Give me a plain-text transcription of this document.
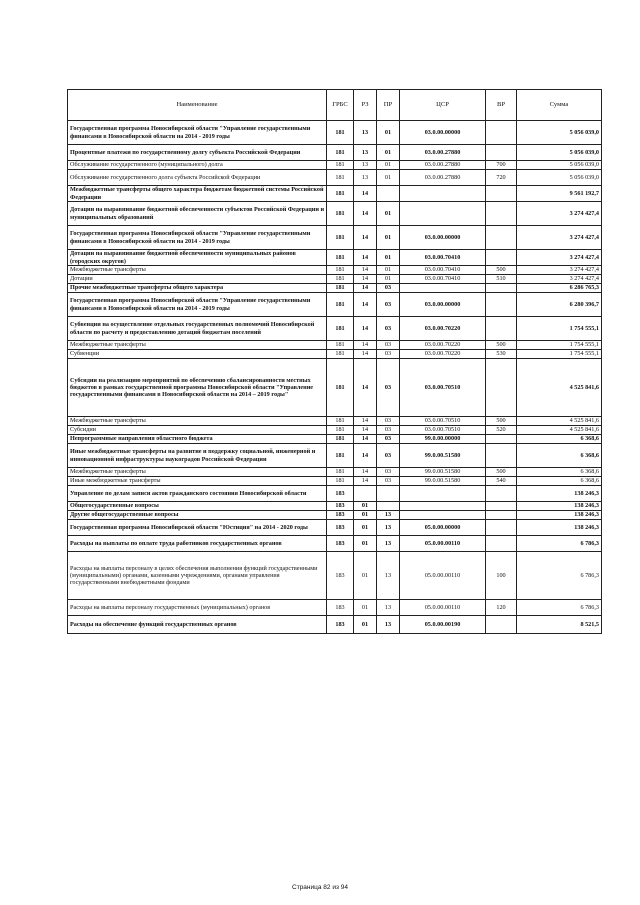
Наименование	ГРБС	РЗ	ПР	ЦСР	ВР	Сумма
Государственная программа Новосибирской области "Управление государственными финансами в Новосибирской области на 2014 - 2019 годы	181	13	01	03.0.00.00000		5 056 039,0
Процентные платежи по государственному долгу субъекта Российской Федерации	181	13	01	03.0.00.27880		5 056 039,0
Обслуживание государственного (муниципального) долга	181	13	01	03.0.00.27880	700	5 056 039,0
Обслуживание государственного долга субъекта Российской Федерации	181	13	01	03.0.00.27880	720	5 056 039,0
Межбюджетные трансферты общего характера бюджетам бюджетной системы Российской Федерации	181	14				9 561 192,7
Дотации на выравнивание бюджетной обеспеченности субъектов Российской Федерации и муниципальных образований	181	14	01			3 274 427,4
Государственная программа Новосибирской области "Управление государственными финансами в Новосибирской области на 2014 - 2019 годы	181	14	01	03.0.00.00000		3 274 427,4
Дотации на выравнивание бюджетной обеспеченности муниципальных районов (городских округов)	181	14	01	03.0.00.70410		3 274 427,4
Межбюджетные трансферты	181	14	01	03.0.00.70410	500	3 274 427,4
Дотации	181	14	01	03.0.00.70410	510	3 274 427,4
Прочие межбюджетные трансферты общего характера	181	14	03			6 286 765,3
Государственная программа Новосибирской области "Управление государственными финансами в Новосибирской области на 2014 - 2019 годы	181	14	03	03.0.00.00000		6 280 396,7
Субвенции на осуществление отдельных государственных полномочий Новосибирской области по расчету и предоставлению дотаций бюджетам поселений	181	14	03	03.0.00.70220		1 754 555,1
Межбюджетные трансферты	181	14	03	03.0.00.70220	500	1 754 555,1
Субвенции	181	14	03	03.0.00.70220	530	1 754 555,1
Субсидии на реализацию мероприятий по обеспечению сбалансированности местных бюджетов в рамках государственной программы Новосибирской области "Управление государственными финансами в Новосибирской области на 2014 – 2019 годы"	181	14	03	03.0.00.70510		4 525 841,6
Межбюджетные трансферты	181	14	03	03.0.00.70510	500	4 525 841,6
Субсидии	181	14	03	03.0.00.70510	520	4 525 841,6
Непрограммные направления областного бюджета	181	14	03	99.0.00.00000		6 368,6
Иные межбюджетные трансферты на развитие и поддержку социальной, инженерной и инновационной инфраструктуры наукоградов Российской Федерации	181	14	03	99.0.00.51580		6 368,6
Межбюджетные трансферты	181	14	03	99.0.00.51580	500	6 368,6
Иные межбюджетные трансферты	181	14	03	99.0.00.51580	540	6 368,6
Управление по делам записи актов гражданского состояния Новосибирской области	183					138 246,3
Общегосударственные вопросы	183	01				138 246,3
Другие общегосударственные вопросы	183	01	13			138 246,3
Государственная программа Новосибирской области "Юстиция" на 2014 - 2020 годы	183	01	13	05.0.00.00000		138 246,3
Расходы на выплаты по оплате труда работников государственных органов	183	01	13	05.0.00.00110		6 786,3
Расходы на выплаты персоналу в целях обеспечения выполнения функций государственными (муниципальными) органами, казенными учреждениями, органами управления государственными внебюджетными фондами	183	01	13	05.0.00.00110	100	6 786,3
Расходы на выплаты персоналу государственных (муниципальных) органов	183	01	13	05.0.00.00110	120	6 786,3
Расходы на обеспечение функций государственных органов	183	01	13	05.0.00.00190		8 521,5
Страница 82 из 94
